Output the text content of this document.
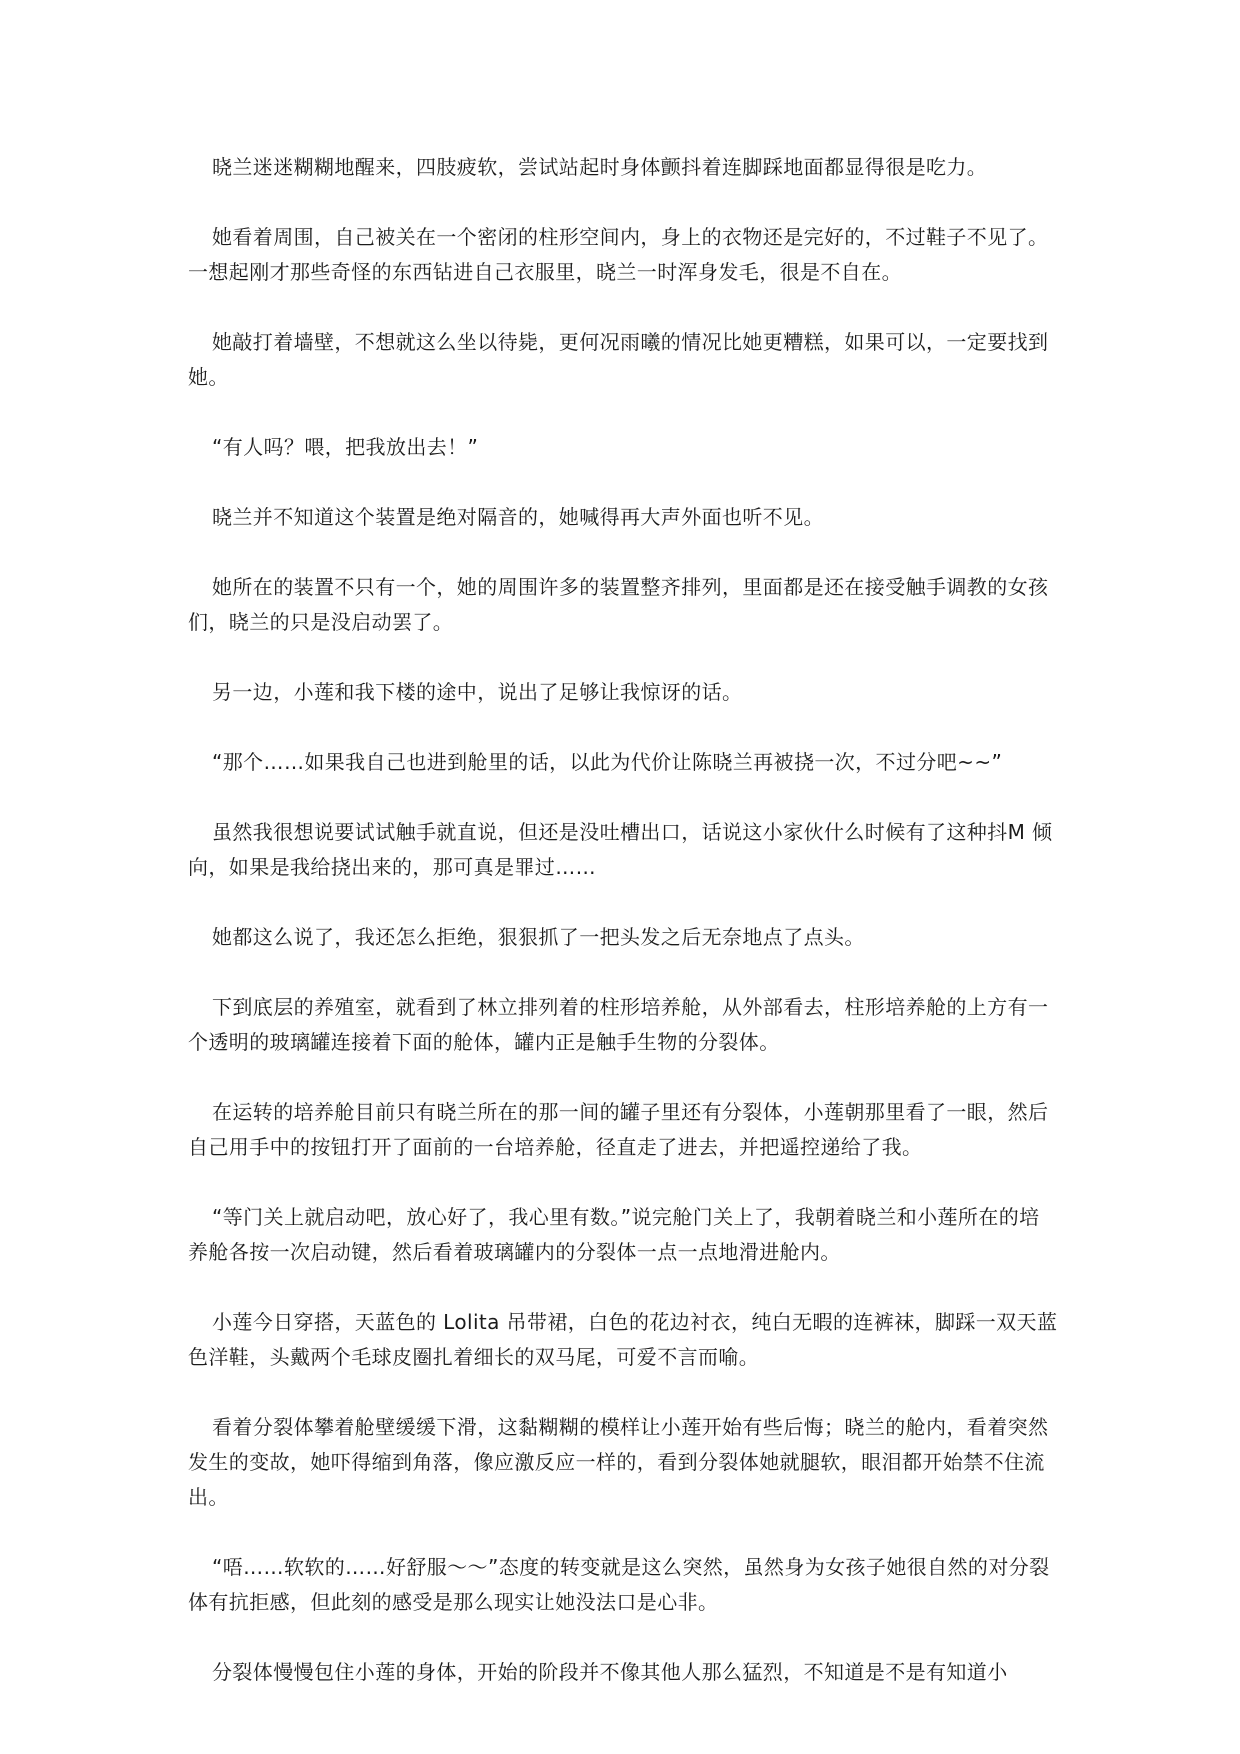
晓兰迷迷糊糊地醒来，四肢疲软，尝试站起时身体颤抖着连脚踩地面都显得很是吃力。

她看着周围，自己被关在一个密闭的柱形空间内，身上的衣物还是完好的，不过鞋子不见了。一想起刚才那些奇怪的东西钻进自己衣服里，晓兰一时浑身发毛，很是不自在。

她敲打着墙壁，不想就这么坐以待毙，更何况雨曦的情况比她更糟糕，如果可以，一定要找到她。

“有人吗？喂，把我放出去！”

晓兰并不知道这个装置是绝对隔音的，她喊得再大声外面也听不见。

她所在的装置不只有一个，她的周围许多的装置整齐排列，里面都是还在接受触手调教的女孩们，晓兰的只是没启动罢了。

另一边，小莲和我下楼的途中，说出了足够让我惊讶的话。

“那个……如果我自己也进到舱里的话，以此为代价让陈晓兰再被挠一次，不过分吧~~”

虽然我很想说要试试触手就直说，但还是没吐槽出口，话说这小家伙什么时候有了这种抖M 倾向，如果是我给挠出来的，那可真是罪过……

她都这么说了，我还怎么拒绝，狠狠抓了一把头发之后无奈地点了点头。

下到底层的养殖室，就看到了林立排列着的柱形培养舱，从外部看去，柱形培养舱的上方有一个透明的玻璃罐连接着下面的舱体，罐内正是触手生物的分裂体。

在运转的培养舱目前只有晓兰所在的那一间的罐子里还有分裂体，小莲朝那里看了一眼，然后自己用手中的按钮打开了面前的一台培养舱，径直走了进去，并把遥控递给了我。

“等门关上就启动吧，放心好了，我心里有数。”说完舱门关上了，我朝着晓兰和小莲所在的培养舱各按一次启动键，然后看着玻璃罐内的分裂体一点一点地滑进舱内。

小莲今日穿搭，天蓝色的 Lolita 吊带裙，白色的花边衬衣，纯白无暇的连裤袜，脚踩一双天蓝色洋鞋，头戴两个毛球皮圈扎着细长的双马尾，可爱不言而喻。

看着分裂体攀着舱壁缓缓下滑，这黏糊糊的模样让小莲开始有些后悔；晓兰的舱内，看着突然发生的变故，她吓得缩到角落，像应激反应一样的，看到分裂体她就腿软，眼泪都开始禁不住流出。

“唔……软软的……好舒服～～”态度的转变就是这么突然，虽然身为女孩子她很自然的对分裂体有抗拒感，但此刻的感受是那么现实让她没法口是心非。

分裂体慢慢包住小莲的身体，开始的阶段并不像其他人那么猛烈，不知道是不是有知道小
